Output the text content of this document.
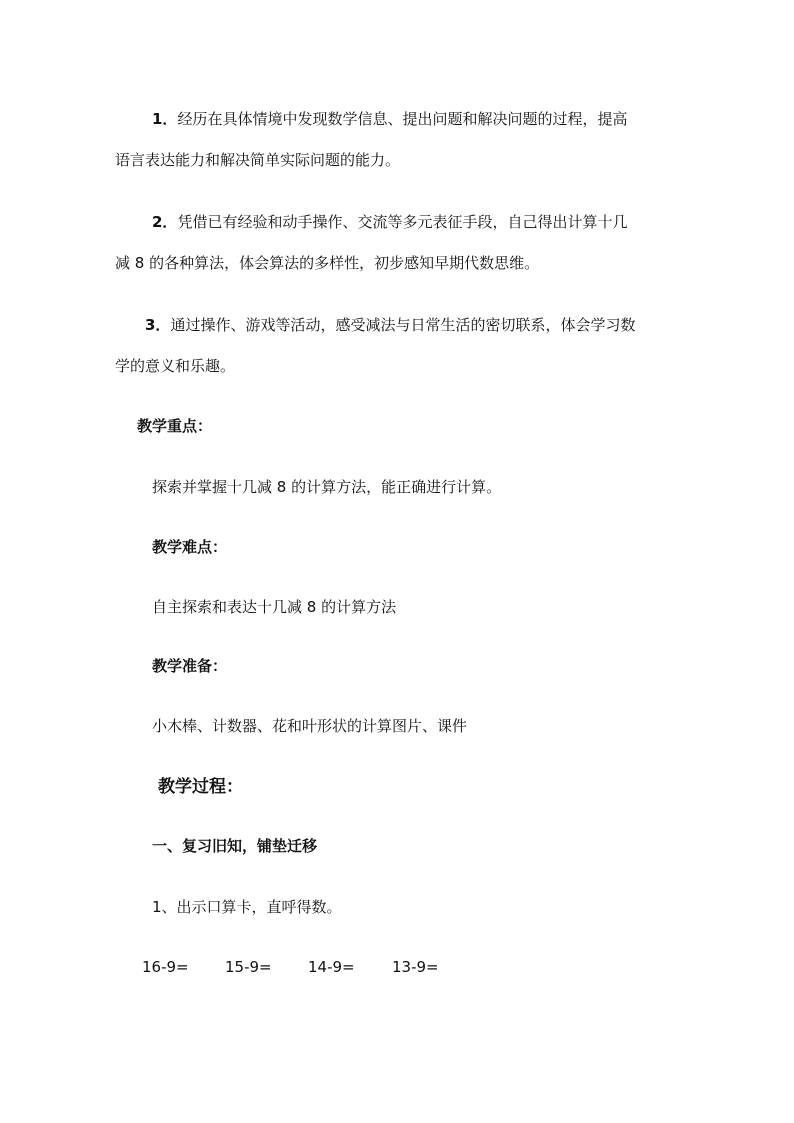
1．经历在具体情境中发现数学信息、提出问题和解决问题的过程，提高
语言表达能力和解决简单实际问题的能力。
2．凭借已有经验和动手操作、交流等多元表征手段，自己得出计算十几
减 8 的各种算法，体会算法的多样性，初步感知早期代数思维。
3．通过操作、游戏等活动，感受减法与日常生活的密切联系，体会学习数
学的意义和乐趣。
教学重点：
探索并掌握十几减 8 的计算方法，能正确进行计算。
教学难点：
自主探索和表达十几减 8 的计算方法
教学准备：
小木棒、计数器、花和叶形状的计算图片、课件
教学过程：
一、复习旧知，铺垫迁移
1、出示口算卡，直呼得数。
16-9= 15-9= 14-9= 13-9=
